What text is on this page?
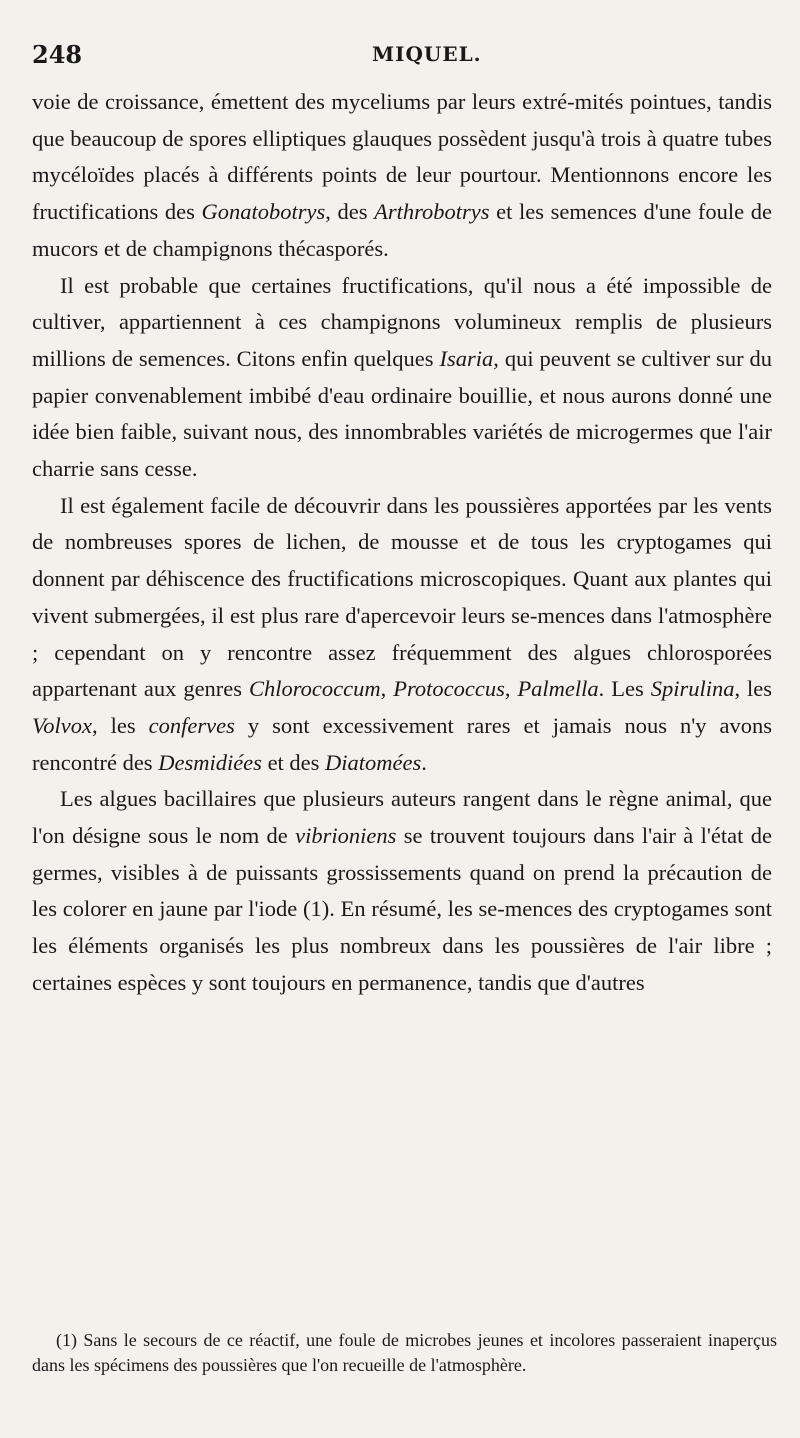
248	MIQUEL.

voie de croissance, émettent des myceliums par leurs extré-mités pointues, tandis que beaucoup de spores elliptiques glauques possèdent jusqu'à trois à quatre tubes mycéloïdes placés à différents points de leur pourtour. Mentionnons encore les fructifications des Gonatobotrys, des Arthrobotrys et les semences d'une foule de mucors et de champignons thécasporés.

Il est probable que certaines fructifications, qu'il nous a été impossible de cultiver, appartiennent à ces champignons volumineux remplis de plusieurs millions de semences. Citons enfin quelques Isaria, qui peuvent se cultiver sur du papier convenablement imbibé d'eau ordinaire bouillie, et nous aurons donné une idée bien faible, suivant nous, des innombrables variétés de microgermes que l'air charrie sans cesse.

Il est également facile de découvrir dans les poussières apportées par les vents de nombreuses spores de lichen, de mousse et de tous les cryptogames qui donnent par déhiscence des fructifications microscopiques. Quant aux plantes qui vivent submergées, il est plus rare d'apercevoir leurs se-mences dans l'atmosphère ; cependant on y rencontre assez fréquemment des algues chlorosporées appartenant aux genres Chlorococcum, Protococcus, Palmella. Les Spirulina, les Volvox, les conferves y sont excessivement rares et jamais nous n'y avons rencontré des Desmidiées et des Diatomées.

Les algues bacillaires que plusieurs auteurs rangent dans le règne animal, que l'on désigne sous le nom de vibrioniens se trouvent toujours dans l'air à l'état de germes, visibles à de puissants grossissements quand on prend la précaution de les colorer en jaune par l'iode (1). En résumé, les se-mences des cryptogames sont les éléments organisés les plus nombreux dans les poussières de l'air libre ; certaines espèces y sont toujours en permanence, tandis que d'autres

(1) Sans le secours de ce réactif, une foule de microbes jeunes et incolores passeraient inaperçus dans les spécimens des poussières que l'on recueille de l'atmosphère.
